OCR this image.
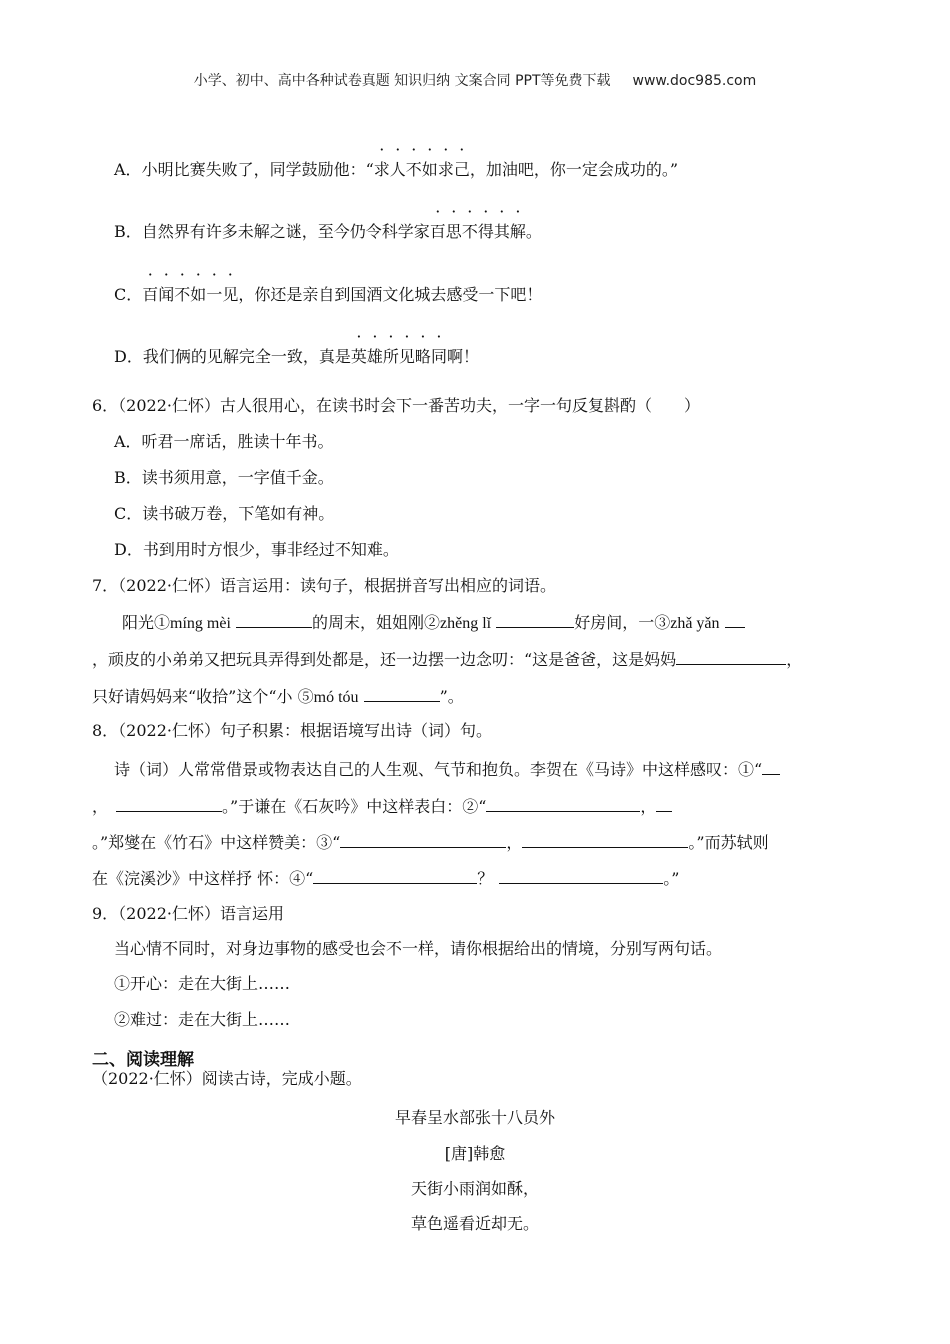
小学、初中、高中各种试卷真题 知识归纳 文案合同 PPT等免费下载 www.doc985.com
A．小明比赛失败了，同学鼓励他：“求人不如求己，加油吧，你一定会成功的。”
B．自然界有许多未解之谜，至今仍令科学家百思不得其解。
C．百闻不如一见，你还是亲自到国酒文化城去感受一下吧！
D．我们俩的见解完全一致，真是英雄所见略同啊！
6．（2022·仁怀）古人很用心，在读书时会下一番苦功夫，一字一句反复斟酌（　　）
A．听君一席话，胜读十年书。
B．读书须用意，一字值千金。
C．读书破万卷，下笔如有神。
D．书到用时方恨少，事非经过不知难。
7．（2022·仁怀）语言运用：读句子，根据拼音写出相应的词语。
阳光①míng mèi	的周末，姐姐刚②zhěng lǐ	好房间，一③zhǎ yǎn
，顽皮的小弟弟又把玩具弄得到处都是，还一边摆一边念叨：“这是爸爸，这是妈妈	，
只好请妈妈来“收拾”这个“小 ⑤mó tóu	”。
8．（2022·仁怀）句子积累：根据语境写出诗（词）句。
诗（词）人常常借景或物表达自己的人生观、气节和抱负。李贺在《马诗》中这样感叹：①“
，	。”于谦在《石灰吟》中这样表白：②“	，
。”郑燮在《竹石》中这样赞美：③“	，	。”而苏轼则
在《浣溪沙》中这样抒 怀：④“	？	。”
9．（2022·仁怀）语言运用
当心情不同时，对身边事物的感受也会不一样，请你根据给出的情境，分别写两句话。
①开心：走在大街上……
②难过：走在大街上……
二、阅读理解
（2022·仁怀）阅读古诗，完成小题。
早春呈水部张十八员外
[唐]韩愈
天街小雨润如酥，
草色遥看近却无。
